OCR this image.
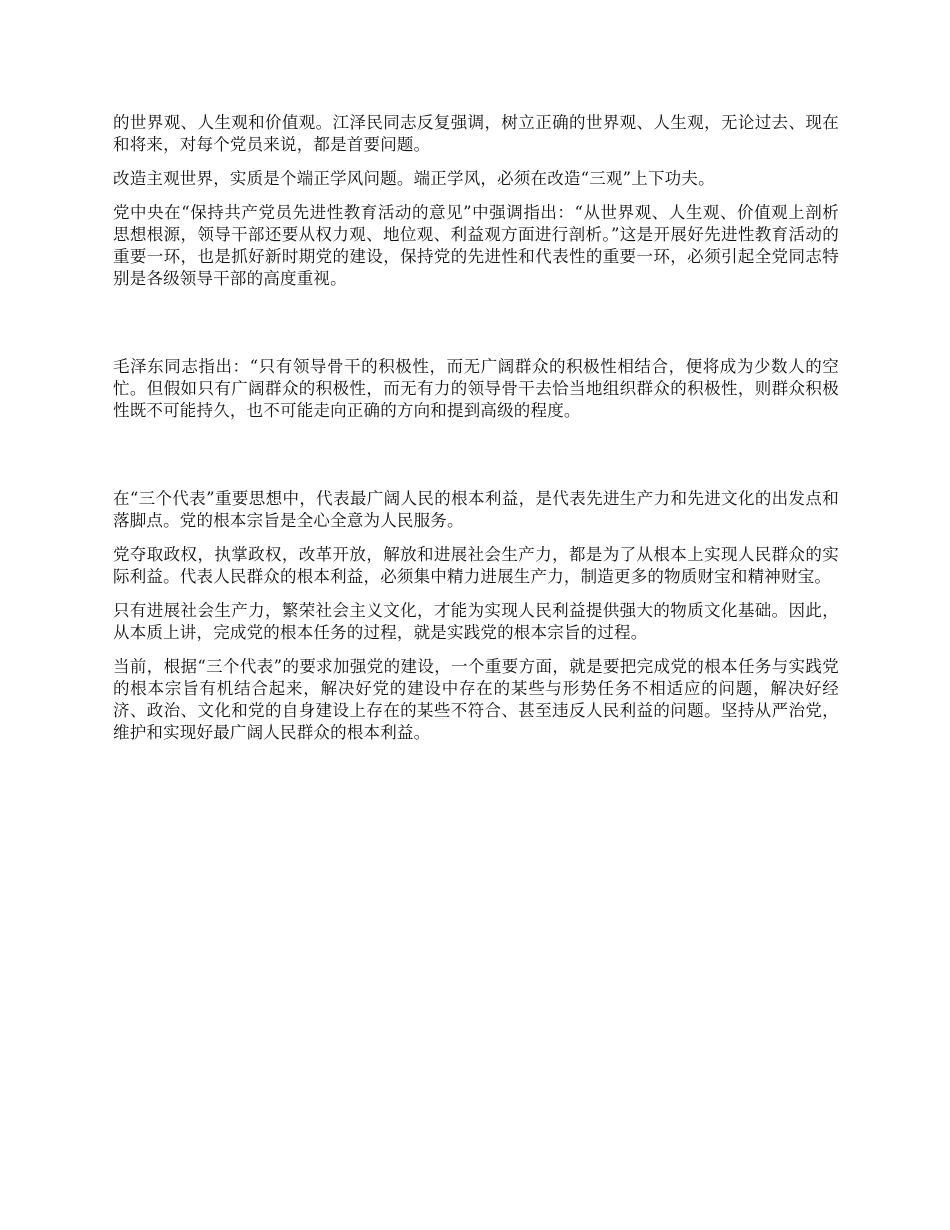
的世界观、人生观和价值观。江泽民同志反复强调，树立正确的世界观、人生观，无论过去、现在和将来，对每个党员来说，都是首要问题。

改造主观世界，实质是个端正学风问题。端正学风，必须在改造“三观”上下功夫。

党中央在“保持共产党员先进性教育活动的意见”中强调指出：“从世界观、人生观、价值观上剖析思想根源，领导干部还要从权力观、地位观、利益观方面进行剖析。”这是开展好先进性教育活动的重要一环，也是抓好新时期党的建设，保持党的先进性和代表性的重要一环，必须引起全党同志特别是各级领导干部的高度重视。

毛泽东同志指出：“只有领导骨干的积极性，而无广阔群众的积极性相结合，便将成为少数人的空忙。但假如只有广阔群众的积极性，而无有力的领导骨干去恰当地组织群众的积极性，则群众积极性既不可能持久，也不可能走向正确的方向和提到高级的程度。

在“三个代表”重要思想中，代表最广阔人民的根本利益，是代表先进生产力和先进文化的出发点和落脚点。党的根本宗旨是全心全意为人民服务。

党夺取政权，执掌政权，改革开放，解放和进展社会生产力，都是为了从根本上实现人民群众的实际利益。代表人民群众的根本利益，必须集中精力进展生产力，制造更多的物质财宝和精神财宝。

只有进展社会生产力，繁荣社会主义文化，才能为实现人民利益提供强大的物质文化基础。因此，从本质上讲，完成党的根本任务的过程，就是实践党的根本宗旨的过程。

当前，根据“三个代表”的要求加强党的建设，一个重要方面，就是要把完成党的根本任务与实践党的根本宗旨有机结合起来，解决好党的建设中存在的某些与形势任务不相适应的问题，解决好经济、政治、文化和党的自身建设上存在的某些不符合、甚至违反人民利益的问题。坚持从严治党，维护和实现好最广阔人民群众的根本利益。
